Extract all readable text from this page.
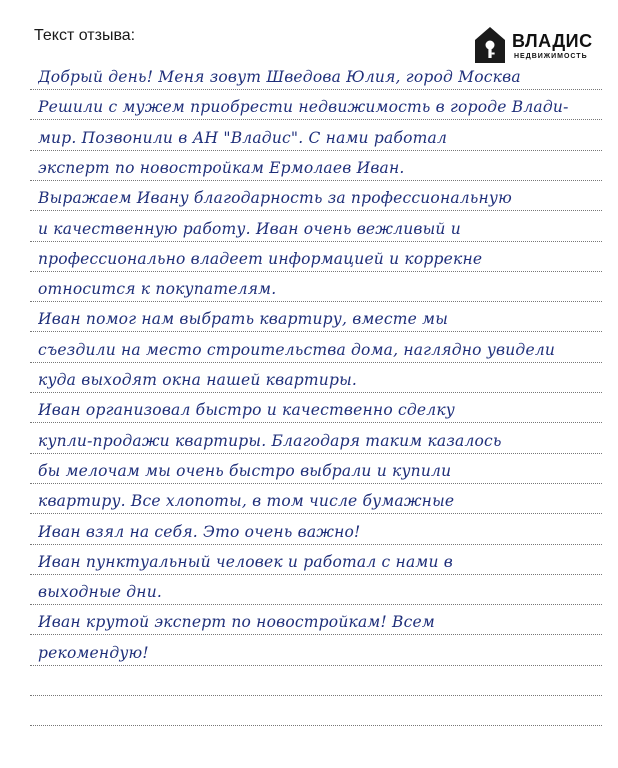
Текст отзыва:	ВЛАДИС
НЕДВИЖИМОСТЬ
Добрый день! Меня зовут Шведова Юлия, город Москва
Решили с мужем приобрести недвижимость в городе Влади-
мир. Позвонили в АН "Владис". С нами работал
эксперт по новостройкам Ермолаев Иван.
Выражаем Ивану благодарность за профессиональную
и качественную работу. Иван очень вежливый и
профессионально владеет информацией и коррекне
относится к покупателям.
Иван помог нам выбрать квартиру, вместе мы
съездили на место строительства дома, наглядно увидели
куда выходят окна нашей квартиры.
Иван организовал быстро и качественно сделку
купли-продажи квартиры. Благодаря таким казалось
бы мелочам мы очень быстро выбрали и купили
квартиру. Все хлопоты, в том числе бумажные
Иван взял на себя. Это очень важно!
Иван пунктуальный человек и работал с нами в
выходные дни.
Иван крутой эксперт по новостройкам! Всем
рекомендую!
